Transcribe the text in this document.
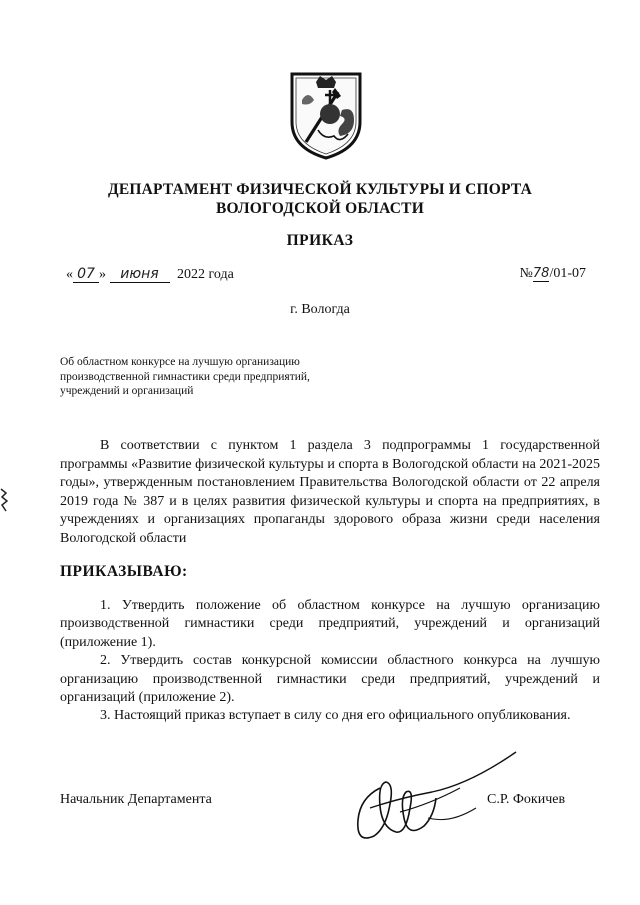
ДЕПАРТАМЕНТ ФИЗИЧЕСКОЙ КУЛЬТУРЫ И СПОРТА
ВОЛОГОДСКОЙ ОБЛАСТИ
ПРИКАЗ
« 07 » июня 2022 года	№78/01-07
г. Вологда
Об областном конкурсе на лучшую организацию производственной гимнастики среди предприятий, учреждений и организаций
В соответствии с пунктом 1 раздела 3 подпрограммы 1 государственной программы «Развитие физической культуры и спорта в Вологодской области на 2021-2025 годы», утвержденным постановлением Правительства Вологодской области от 22 апреля 2019 года № 387 и в целях развития физической культуры и спорта на предприятиях, в учреждениях и организациях пропаганды здорового образа жизни среди населения Вологодской области
ПРИКАЗЫВАЮ:

1. Утвердить положение об областном конкурсе на лучшую организацию производственной гимнастики среди предприятий, учреждений и организаций (приложение 1).

2. Утвердить состав конкурсной комиссии областного конкурса на лучшую организацию производственной гимнастики среди предприятий, учреждений и организаций (приложение 2).

3. Настоящий приказ вступает в силу со дня его официального опубликования.

Начальник Департамента	С.Р. Фокичев
